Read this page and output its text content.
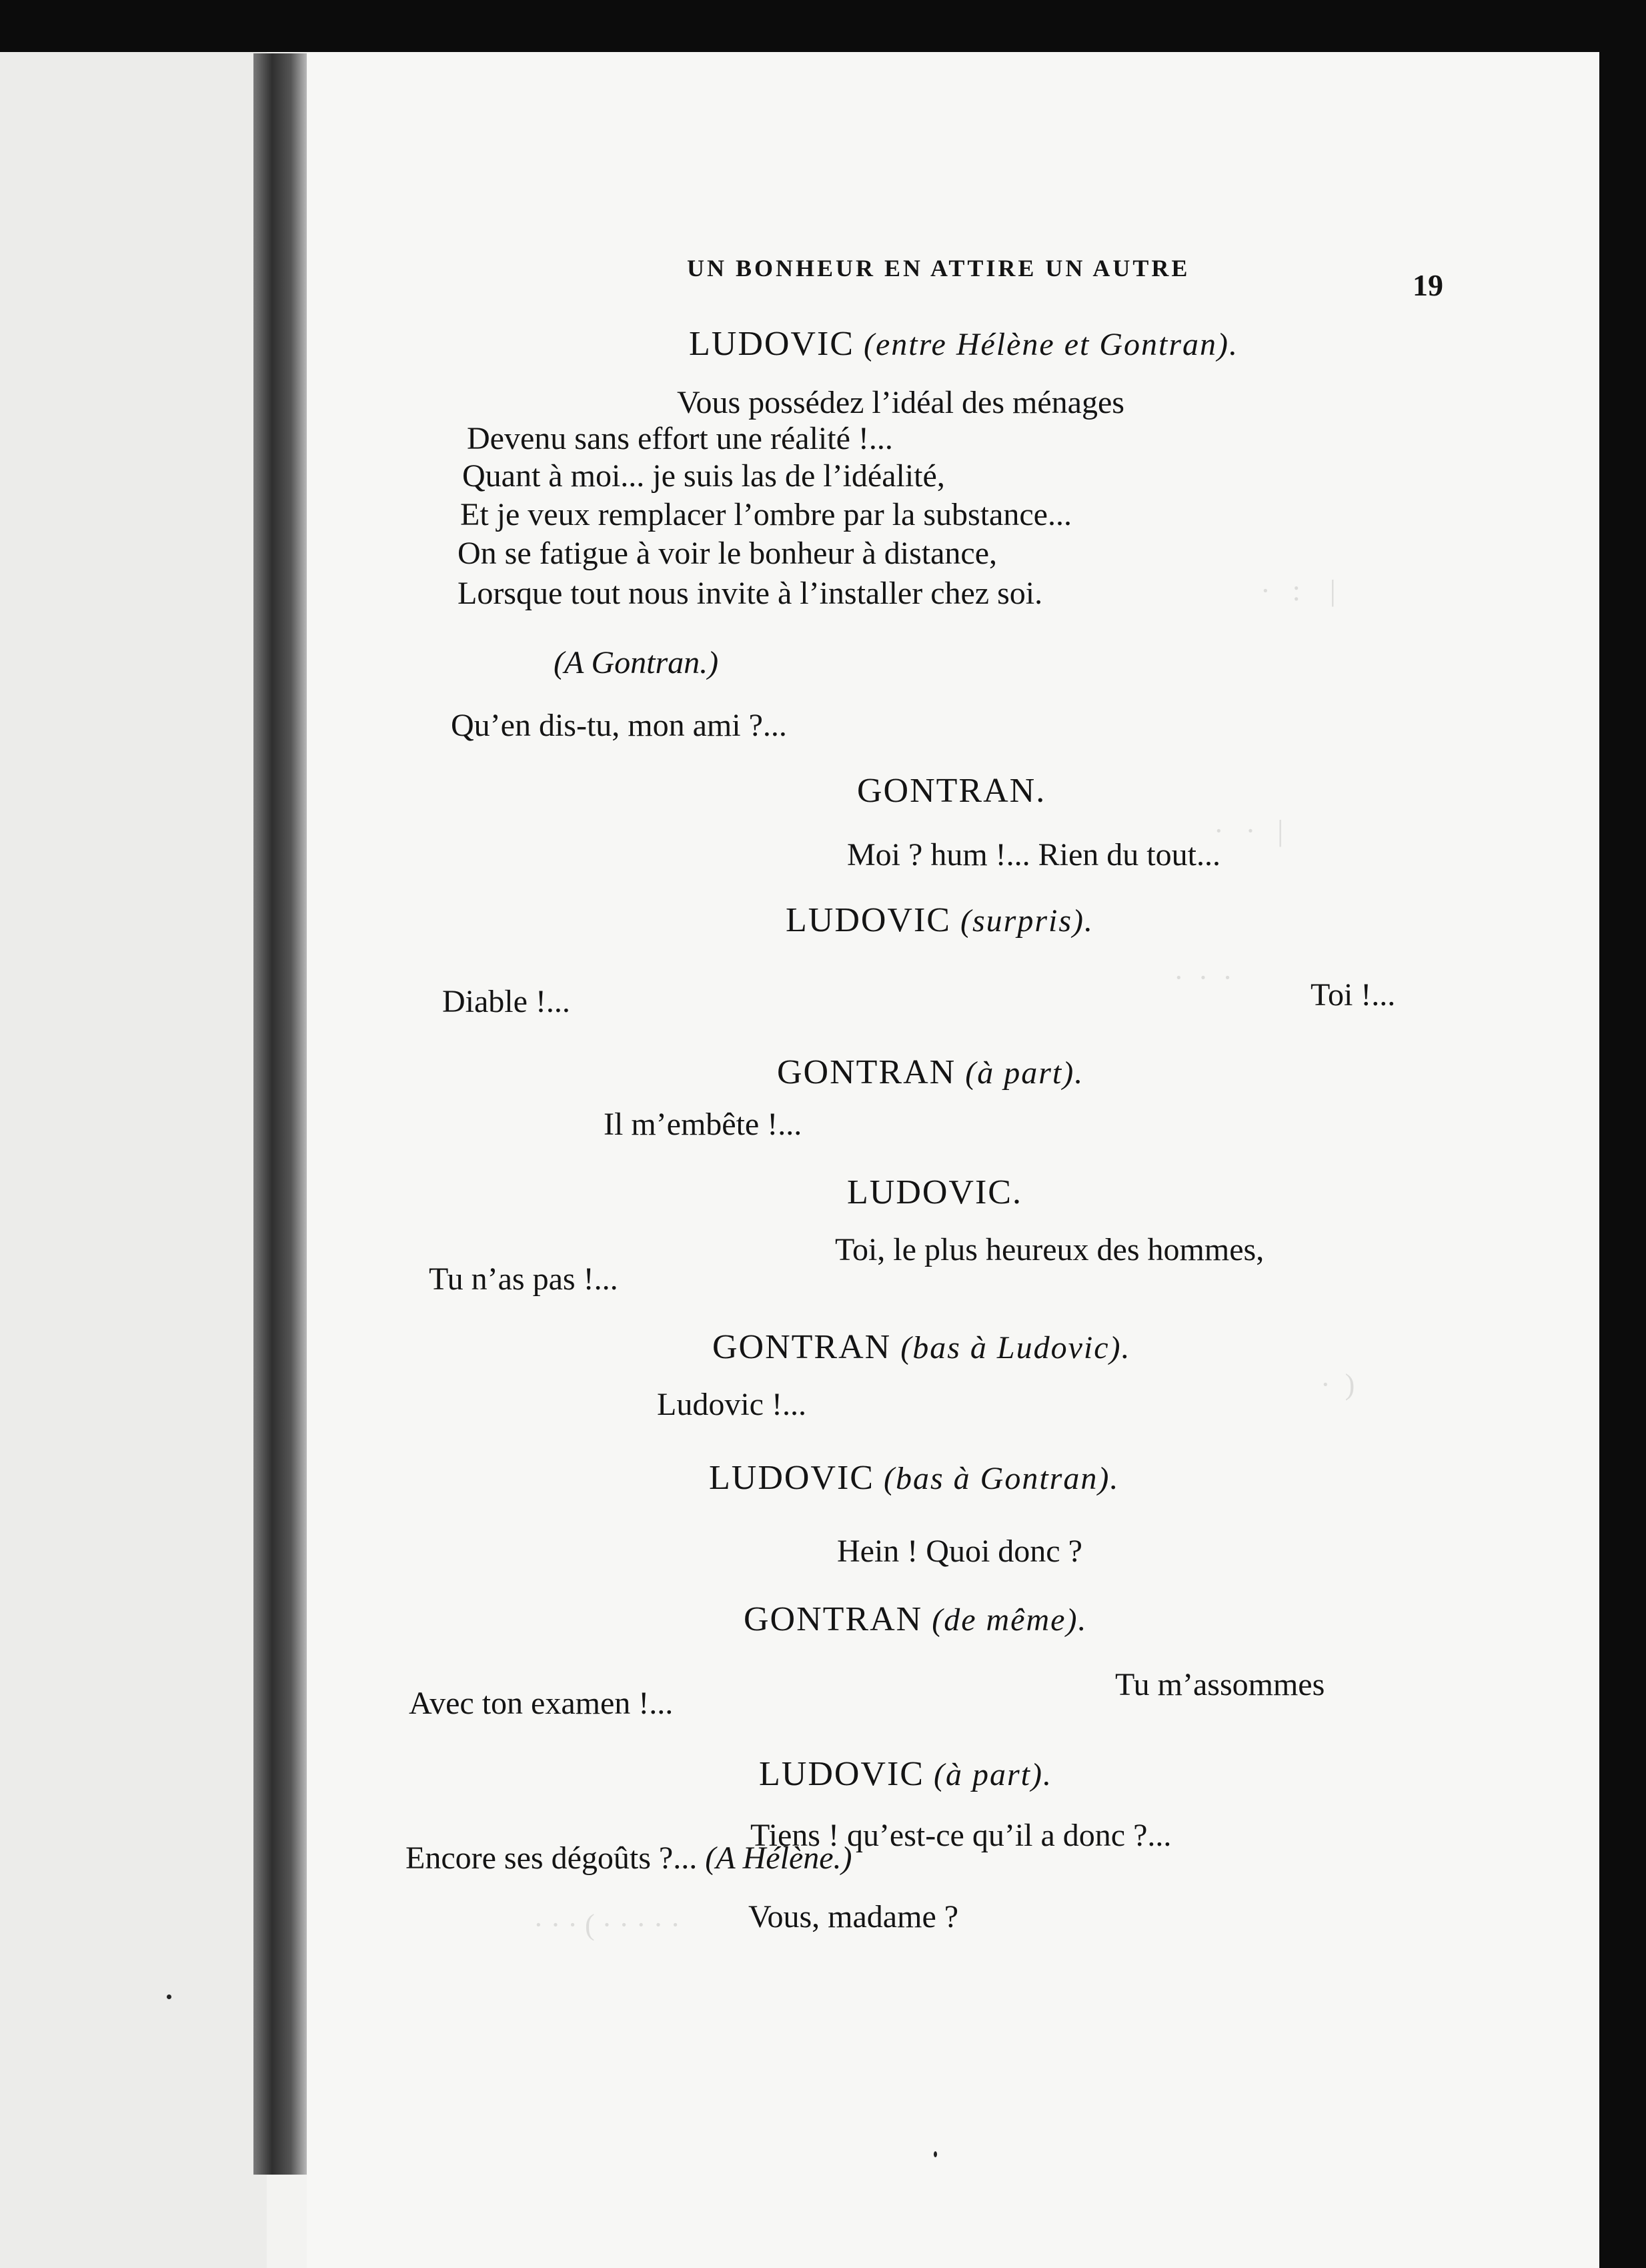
·   :    |
·   ·   |
·  ·  ·
·  )
· · · ( · · · · ·
UN BONHEUR EN ATTIRE UN AUTRE	19
LUDOVIC (entre Hélène et Gontran).
Vous possédez l’idéal des ménages
Devenu sans effort une réalité !...
Quant à moi... je suis las de l’idéalité,
Et je veux remplacer l’ombre par la substance...
On se fatigue à voir le bonheur à distance,
Lorsque tout nous invite à l’installer chez soi.
(A Gontran.)
Qu’en dis-tu, mon ami ?...
GONTRAN.
Moi ? hum !... Rien du tout...
LUDOVIC (surpris).
Diable !...	Toi !...
GONTRAN (à part).
Il m’embête !...
LUDOVIC.
Toi, le plus heureux des hommes,
Tu n’as pas !...
GONTRAN (bas à Ludovic).
Ludovic !...
LUDOVIC (bas à Gontran).
Hein ! Quoi donc ?
GONTRAN (de même).
Tu m’assommes
Avec ton examen !...
LUDOVIC (à part).
Tiens ! qu’est-ce qu’il a donc ?...
Encore ses dégoûts ?... (A Hélène.)
Vous, madame ?
